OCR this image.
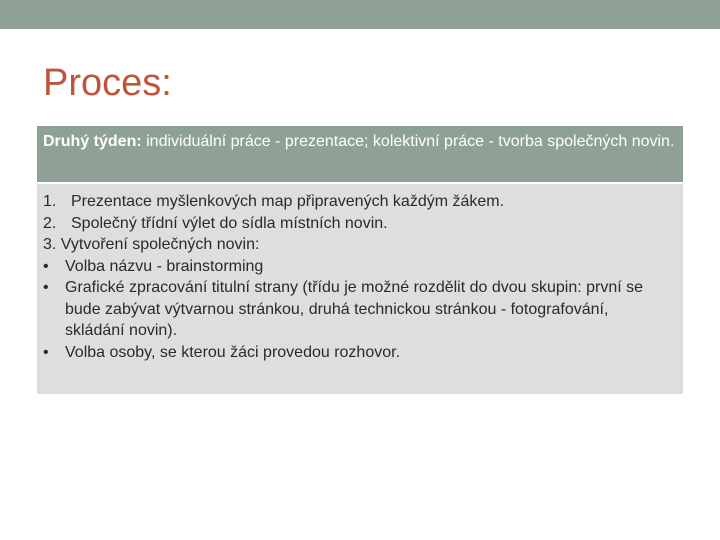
Proces:
Druhý týden: individuální práce - prezentace; kolektivní práce - tvorba společných novin.
1. Prezentace myšlenkových map připravených každým žákem.
2. Společný třídní výlet do sídla místních novin.
3. Vytvoření společných novin:
•	Volba názvu - brainstorming
•	Grafické zpracování titulní strany (třídu je možné rozdělit do dvou skupin: první se bude zabývat výtvarnou stránkou, druhá technickou stránkou - fotografování, skládání novin).
•	Volba osoby, se kterou žáci provedou rozhovor.
